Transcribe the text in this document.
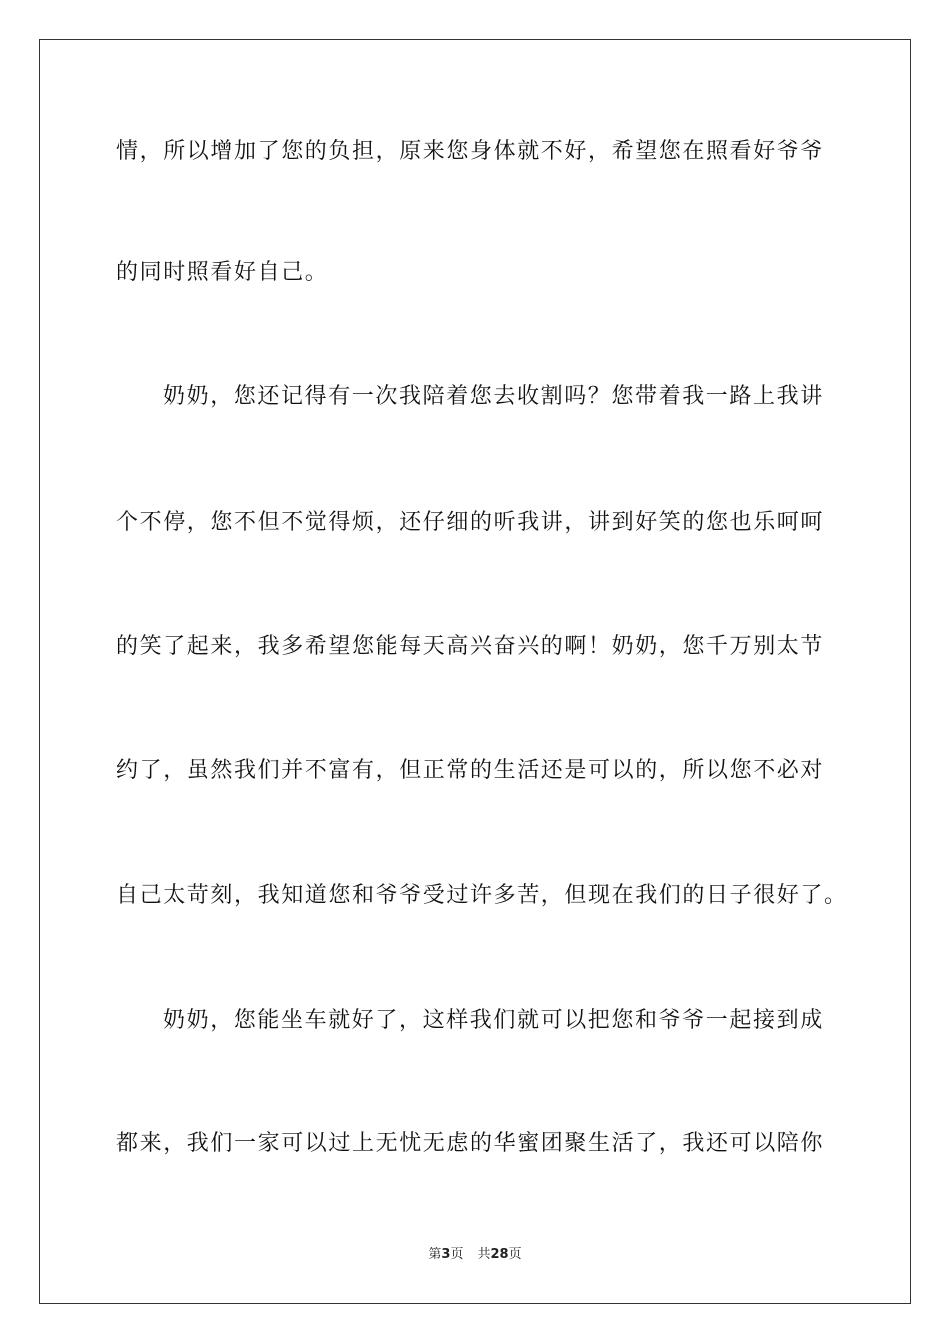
情，所以增加了您的负担，原来您身体就不好，希望您在照看好爷爷
的同时照看好自己。
奶奶，您还记得有一次我陪着您去收割吗？您带着我一路上我讲
个不停，您不但不觉得烦，还仔细的听我讲，讲到好笑的您也乐呵呵
的笑了起来，我多希望您能每天高兴奋兴的啊！奶奶，您千万别太节
约了，虽然我们并不富有，但正常的生活还是可以的，所以您不必对
自己太苛刻，我知道您和爷爷受过许多苦，但现在我们的日子很好了。
奶奶，您能坐车就好了，这样我们就可以把您和爷爷一起接到成
都来，我们一家可以过上无忧无虑的华蜜团聚生活了，我还可以陪你
第3页 共28页
